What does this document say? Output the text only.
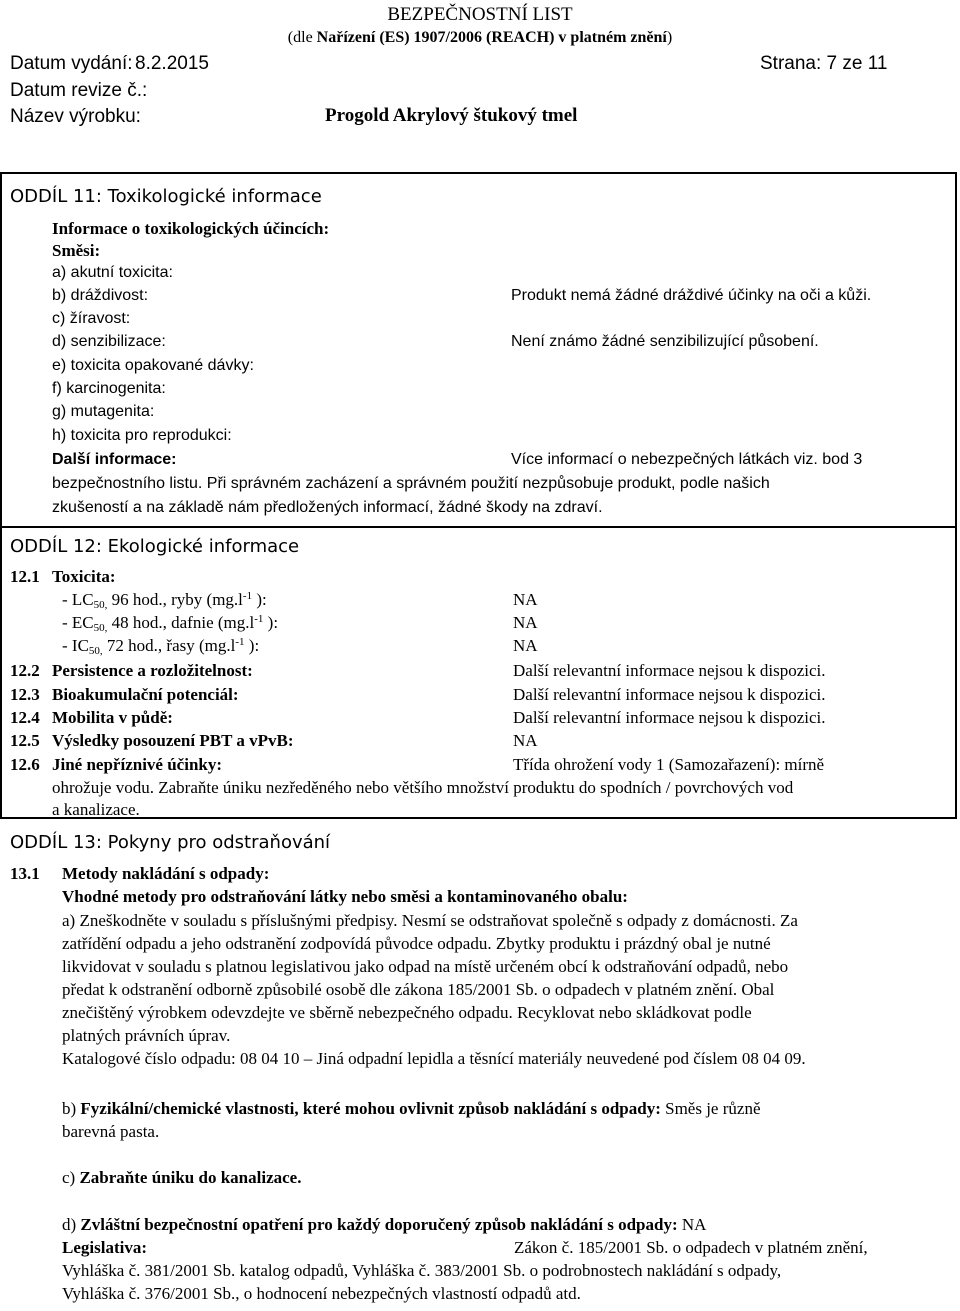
BEZPEČNOSTNÍ LIST
(dle Nařízení (ES) 1907/2006 (REACH) v platném znění)
Datum vydání: 8.2.2015	Strana: 7 ze 11
Datum revize č.:
Název výrobku:	Progold Akrylový štukový tmel
ODDÍL 11: Toxikologické informace
Informace o toxikologických účincích:
Směsi:
a) akutní toxicita:
b) dráždivost:	Produkt nemá žádné dráždivé účinky na oči a kůži.
c) žíravost:
d) senzibilizace:	Není známo žádné senzibilizující působení.
e) toxicita opakované dávky:
f) karcinogenita:
g) mutagenita:
h) toxicita pro reprodukci:
Další informace:	Více informací o nebezpečných látkách viz. bod 3
bezpečnostního listu. Při správném zacházení a správném použití nezpůsobuje produkt, podle našich
zkušeností a na základě nám předložených informací, žádné škody na zdraví.
ODDÍL 12: Ekologické informace
12.1 Toxicita:
- $LC_{50,}$ 96 hod., ryby ($mg.l^{-1}$ ):	NA
- $EC_{50,}$ 48 hod., dafnie ($mg.l^{-1}$ ):	NA
- $IC_{50,}$ 72 hod., řasy ($mg.l^{-1}$ ):	NA
12.2 Persistence a rozložitelnost:	Další relevantní informace nejsou k dispozici.
12.3 Bioakumulační potenciál:	Další relevantní informace nejsou k dispozici.
12.4 Mobilita v půdě:	Další relevantní informace nejsou k dispozici.
12.5 Výsledky posouzení PBT a vPvB:	NA
12.6 Jiné nepříznivé účinky:	Třída ohrožení vody 1 (Samozařazení): mírně
ohrožuje vodu. Zabraňte úniku nezředěného nebo většího množství produktu do spodních / povrchových vod
a kanalizace.
ODDÍL 13: Pokyny pro odstraňování
13.1 Metody nakládání s odpady:
Vhodné metody pro odstraňování látky nebo směsi a kontaminovaného obalu:
a) Zneškodněte v souladu s příslušnými předpisy. Nesmí se odstraňovat společně s odpady z domácnosti. Za
zatřídění odpadu a jeho odstranění zodpovídá původce odpadu. Zbytky produktu i prázdný obal je nutné
likvidovat v souladu s platnou legislativou jako odpad na místě určeném obcí k odstraňování odpadů, nebo
předat k odstranění odborně způsobilé osobě dle zákona 185/2001 Sb. o odpadech v platném znění. Obal
znečištěný výrobkem odevzdejte ve sběrně nebezpečného odpadu. Recyklovat nebo skládkovat podle
platných právních úprav.
Katalogové číslo odpadu: 08 04 10 – Jiná odpadní lepidla a těsnící materiály neuvedené pod číslem 08 04 09.
b) Fyzikální/chemické vlastnosti, které mohou ovlivnit způsob nakládání s odpady: Směs je různě
barevná pasta.
c) Zabraňte úniku do kanalizace.
d) Zvláštní bezpečnostní opatření pro každý doporučený způsob nakládání s odpady: NA
Legislativa:	Zákon č. 185/2001 Sb. o odpadech v platném znění,
Vyhláška č. 381/2001 Sb. katalog odpadů, Vyhláška č. 383/2001 Sb. o podrobnostech nakládání s odpady,
Vyhláška č. 376/2001 Sb., o hodnocení nebezpečných vlastností odpadů atd.
